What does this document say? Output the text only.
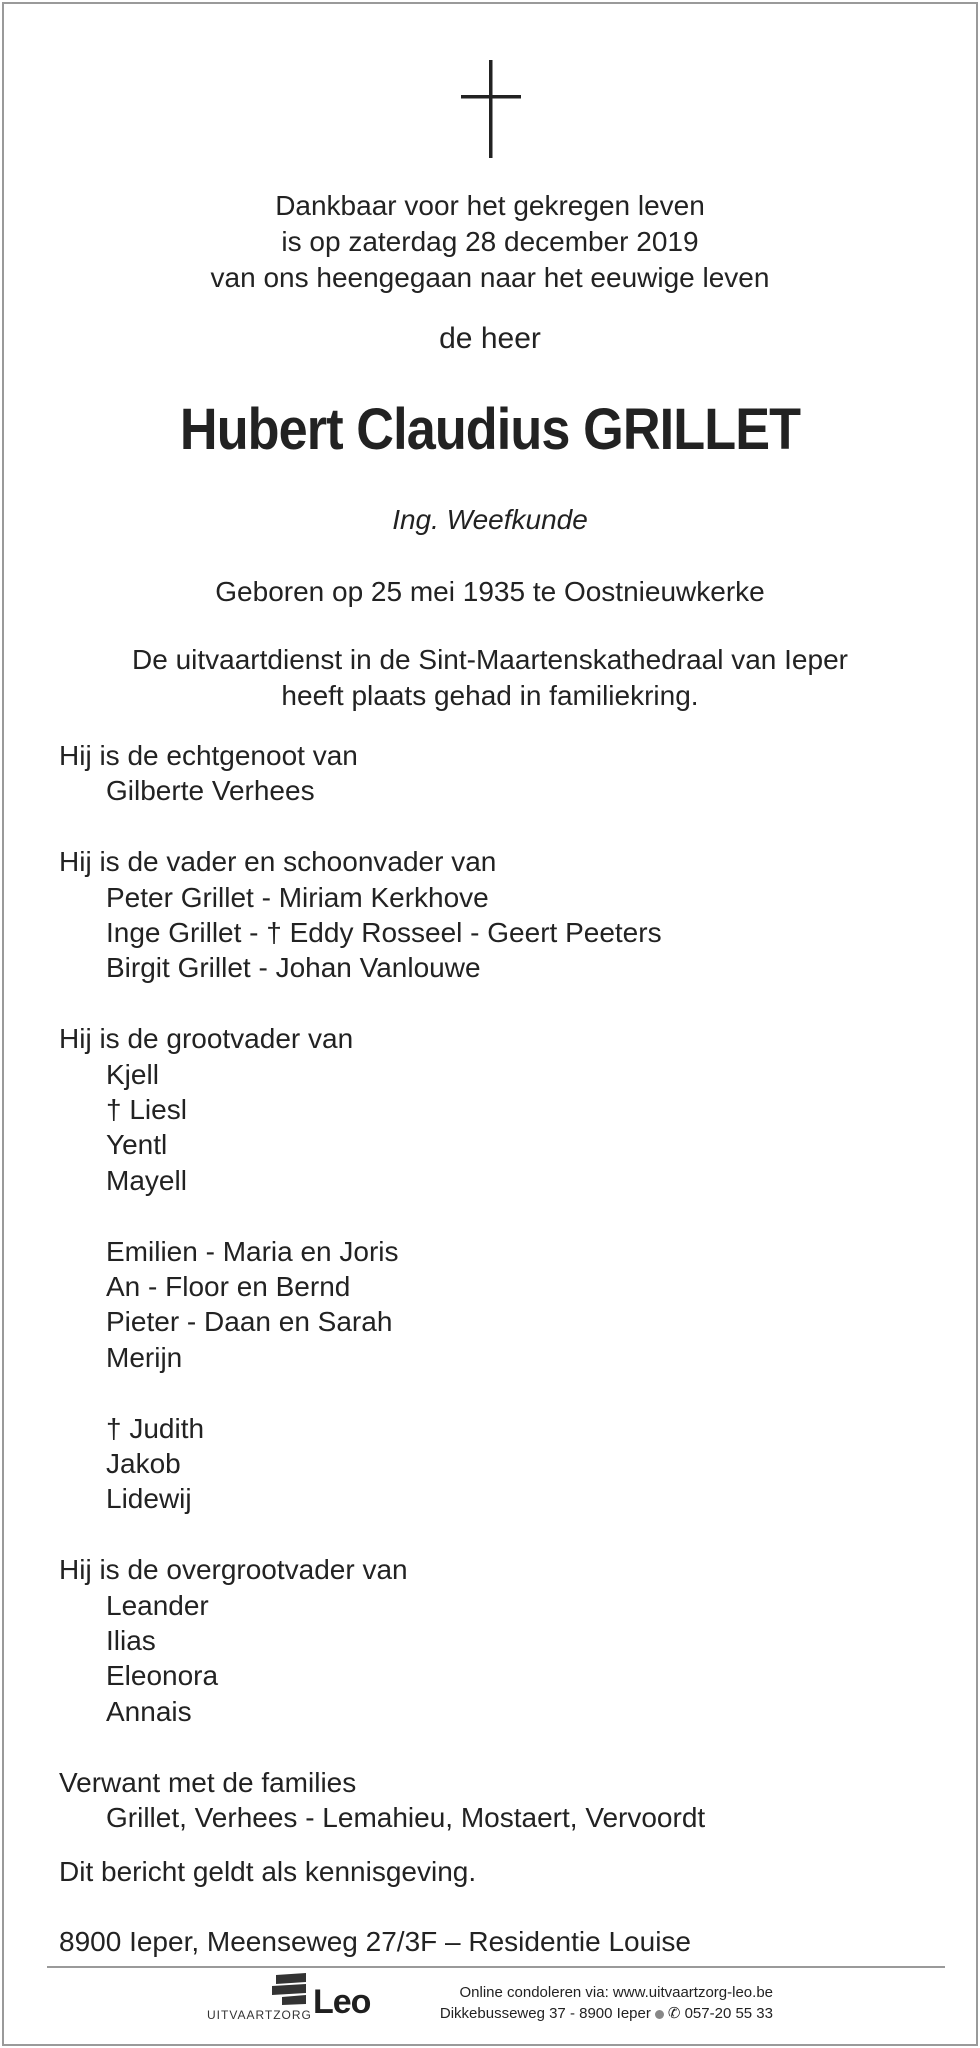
Dankbaar voor het gekregen leven
is op zaterdag 28 december 2019
van ons heengegaan naar het eeuwige leven
de heer
Hubert Claudius GRILLET
Ing. Weefkunde
Geboren op 25 mei 1935 te Oostnieuwkerke
De uitvaartdienst in de Sint-Maartenskathedraal van Ieper
heeft plaats gehad in familiekring.
Hij is de echtgenoot van
Gilberte Verhees
Hij is de vader en schoonvader van
Peter Grillet - Miriam Kerkhove
Inge Grillet - † Eddy Rosseel - Geert Peeters
Birgit Grillet - Johan Vanlouwe
Hij is de grootvader van
Kjell
† Liesl
Yentl
Mayell
Emilien - Maria en Joris
An - Floor en Bernd
Pieter - Daan en Sarah
Merijn
† Judith
Jakob
Lidewij
Hij is de overgrootvader van
Leander
Ilias
Eleonora
Annais
Verwant met de families
Grillet, Verhees - Lemahieu, Mostaert, Vervoordt
Dit bericht geldt als kennisgeving.
8900 Ieper, Meenseweg 27/3F – Residentie Louise
UITVAARTZORG Leo	Online condoleren via: www.uitvaartzorg-leo.be
Dikkebusseweg 37 - 8900 Ieper ✆ 057-20 55 33
